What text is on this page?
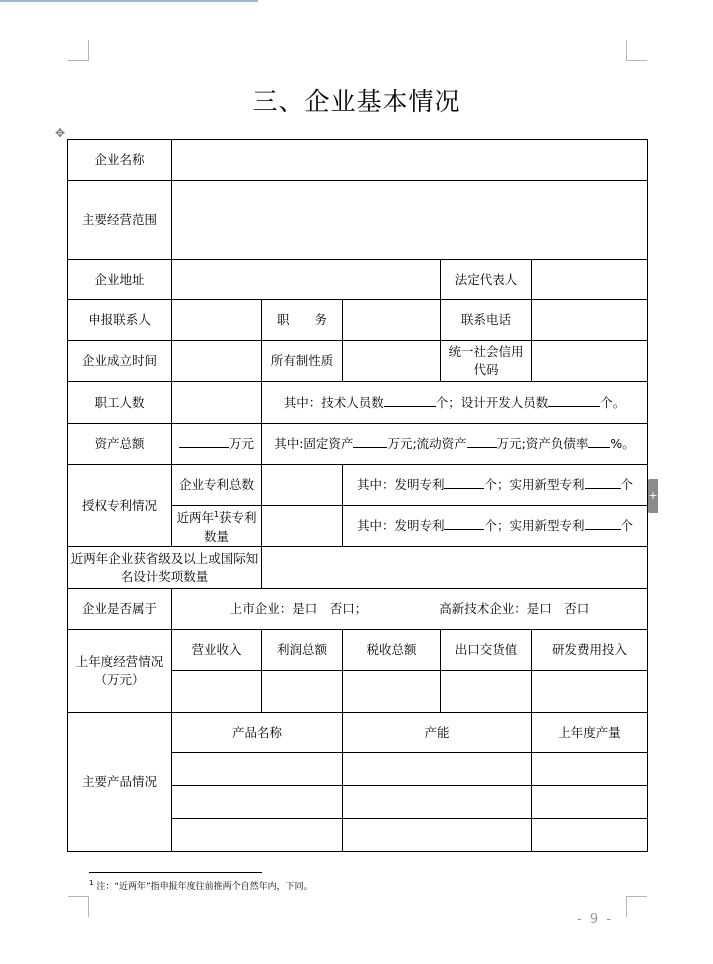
三、企业基本情况
✥
+
企业名称					
主要经营范围					
企业地址				法定代表人	
申报联系人		职　　务		联系电话	
企业成立时间		所有制性质		统一社会信用代码	
职工人数		其中：技术人员数 个；设计开发人员数 个。			
资产总额	万元	其中:固定资产 万元;流动资产 万元;资产负债率 %。			
授权专利情况	企业专利总数		其中：发明专利 个；实用新型专利 个		
	近两年$^1$获专利数量		其中：发明专利 个；实用新型专利 个		
近两年企业获省级及以上或国际知名设计奖项数量					
企业是否属于	上市企业：是口　否口； 高新技术企业：是口　否口				
上年度经营情况（万元）	营业收入	利润总额	税收总额	出口交货值	研发费用投入

主要产品情况	产品名称		产能		上年度产量

$^1$ 注：“近两年”指申报年度往前推两个自然年内，下同。
- 9 -
